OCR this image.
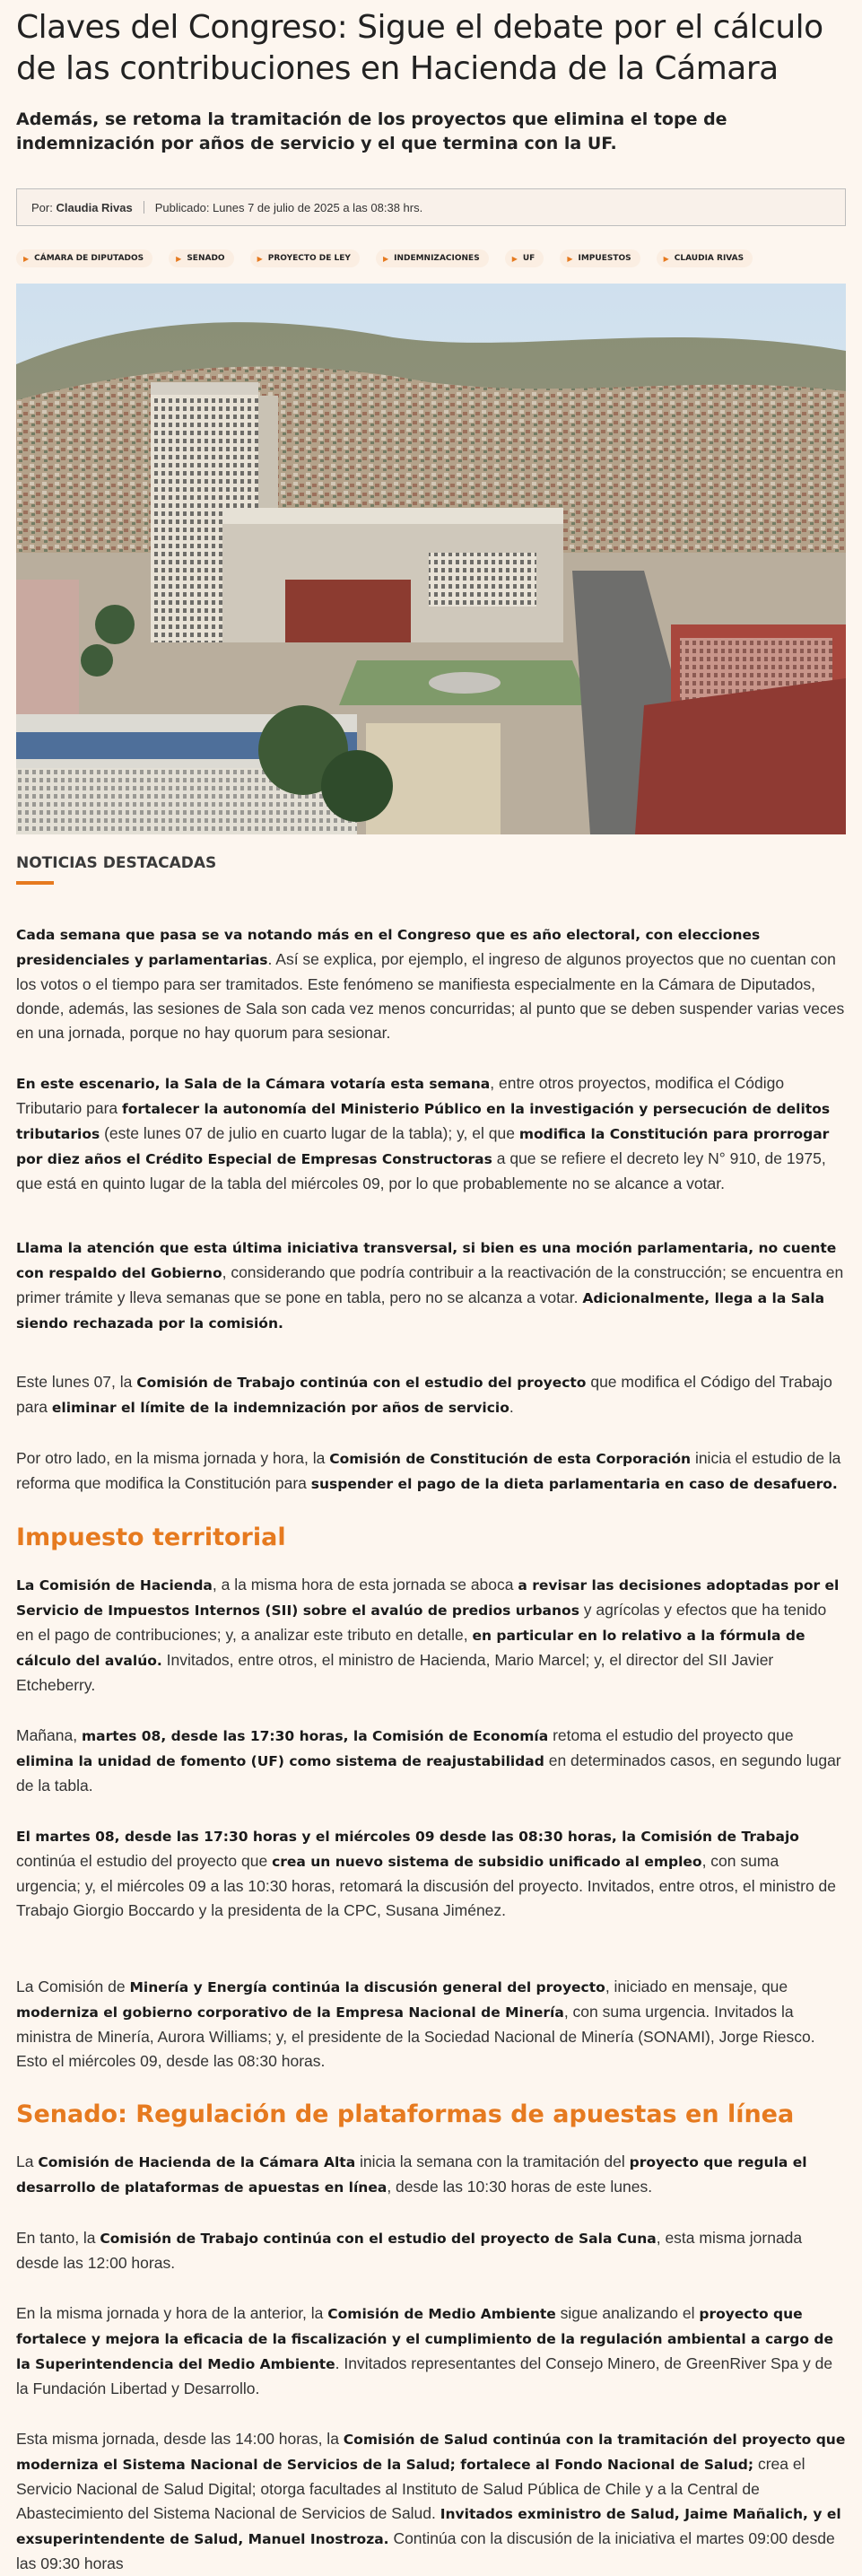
Claves del Congreso: Sigue el debate por el cálculo de las contribuciones en Hacienda de la Cámara
Además, se retoma la tramitación de los proyectos que elimina el tope de indemnización por años de servicio y el que termina con la UF.
Por:
Claudia Rivas Publicado: Lunes 7 de julio de 2025 a las 08:38 hrs.
▶ CÁMARA DE DIPUTADOS	▶ SENADO	▶ PROYECTO DE LEY	▶ INDEMNIZACIONES	▶ UF	▶ IMPUESTOS	▶ CLAUDIA RIVAS
NOTICIAS DESTACADAS

Cada semana que pasa se va notando más en el Congreso que es año electoral, con elecciones presidenciales y parlamentarias. Así se explica, por ejemplo, el ingreso de algunos proyectos que no cuentan con los votos o el tiempo para ser tramitados. Este fenómeno se manifiesta especialmente en la Cámara de Diputados, donde, además, las sesiones de Sala son cada vez menos concurridas; al punto que se deben suspender varias veces en una jornada, porque no hay quorum para sesionar.

En este escenario, la Sala de la Cámara votaría esta semana, entre otros proyectos, modifica el Código Tributario para fortalecer la autonomía del Ministerio Público en la investigación y persecución de delitos tributarios (este lunes 07 de julio en cuarto lugar de la tabla); y, el que modifica la Constitución para prorrogar por diez años el Crédito Especial de Empresas Constructoras a que se refiere el decreto ley N° 910, de 1975, que está en quinto lugar de la tabla del miércoles 09, por lo que probablemente no se alcance a votar.

Llama la atención que esta última iniciativa transversal, si bien es una moción parlamentaria, no cuente con respaldo del Gobierno, considerando que podría contribuir a la reactivación de la construcción; se encuentra en primer trámite y lleva semanas que se pone en tabla, pero no se alcanza a votar. Adicionalmente, llega a la Sala siendo rechazada por la comisión.

Este lunes 07, la Comisión de Trabajo continúa con el estudio del proyecto que modifica el Código del Trabajo para eliminar el límite de la indemnización por años de servicio.

Por otro lado, en la misma jornada y hora, la Comisión de Constitución de esta Corporación inicia el estudio de la reforma que modifica la Constitución para suspender el pago de la dieta parlamentaria en caso de desafuero.

Impuesto territorial

La Comisión de Hacienda, a la misma hora de esta jornada se aboca a revisar las decisiones adoptadas por el Servicio de Impuestos Internos (SII) sobre el avalúo de predios urbanos y agrícolas y efectos que ha tenido en el pago de contribuciones; y, a analizar este tributo en detalle, en particular en lo relativo a la fórmula de cálculo del avalúo. Invitados, entre otros, el ministro de Hacienda, Mario Marcel; y, el director del SII Javier Etcheberry.

Mañana, martes 08, desde las 17:30 horas, la Comisión de Economía retoma el estudio del proyecto que elimina la unidad de fomento (UF) como sistema de reajustabilidad en determinados casos, en segundo lugar de la tabla.

El martes 08, desde las 17:30 horas y el miércoles 09 desde las 08:30 horas, la Comisión de Trabajo continúa el estudio del proyecto que crea un nuevo sistema de subsidio unificado al empleo, con suma urgencia; y, el miércoles 09 a las 10:30 horas, retomará la discusión del proyecto. Invitados, entre otros, el ministro de Trabajo Giorgio Boccardo y la presidenta de la CPC, Susana Jiménez.

La Comisión de Minería y Energía continúa la discusión general del proyecto, iniciado en mensaje, que moderniza el gobierno corporativo de la Empresa Nacional de Minería, con suma urgencia. Invitados la ministra de Minería, Aurora Williams; y, el presidente de la Sociedad Nacional de Minería (SONAMI), Jorge Riesco. Esto el miércoles 09, desde las 08:30 horas.

Senado: Regulación de plataformas de apuestas en línea

La Comisión de Hacienda de la Cámara Alta inicia la semana con la tramitación del proyecto que regula el desarrollo de plataformas de apuestas en línea, desde las 10:30 horas de este lunes.

En tanto, la Comisión de Trabajo continúa con el estudio del proyecto de Sala Cuna, esta misma jornada desde las 12:00 horas.

En la misma jornada y hora de la anterior, la Comisión de Medio Ambiente sigue analizando el proyecto que fortalece y mejora la eficacia de la fiscalización y el cumplimiento de la regulación ambiental a cargo de la Superintendencia del Medio Ambiente. Invitados representantes del Consejo Minero, de GreenRiver Spa y de la Fundación Libertad y Desarrollo.

Esta misma jornada, desde las 14:00 horas, la Comisión de Salud continúa con la tramitación del proyecto que moderniza el Sistema Nacional de Servicios de la Salud; fortalece al Fondo Nacional de Salud; crea el Servicio Nacional de Salud Digital; otorga facultades al Instituto de Salud Pública de Chile y a la Central de Abastecimiento del Sistema Nacional de Servicios de Salud. Invitados exministro de Salud, Jaime Mañalich, y el exsuperintendente de Salud, Manuel Inostroza. Continúa con la discusión de la iniciativa el martes 09:00 desde las 09:30 horas
